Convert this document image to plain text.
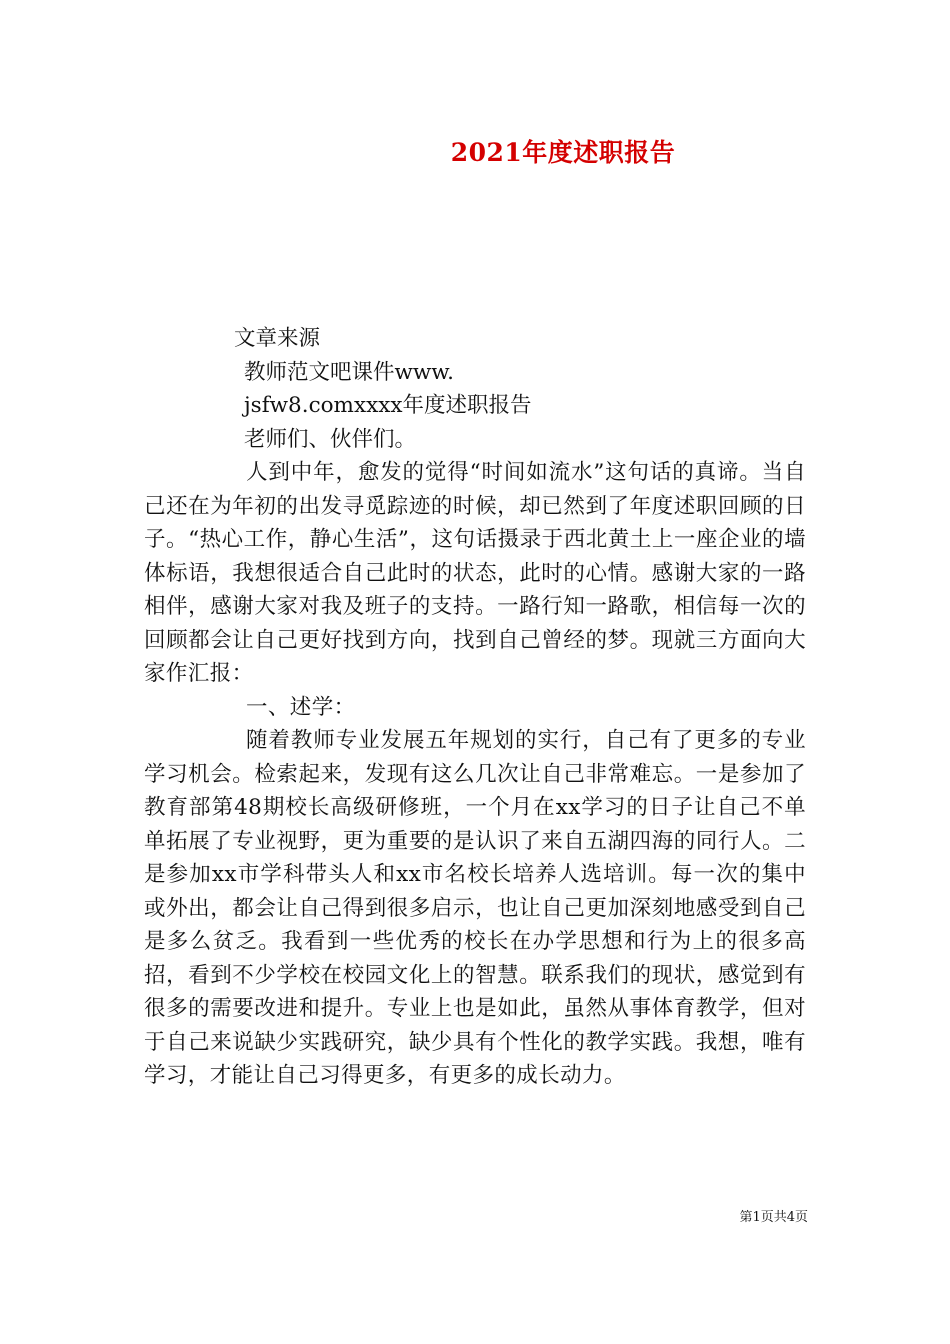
2021年度述职报告
文章来源
教师范文吧课件www.
jsfw8.comxxxx年度述职报告
老师们、伙伴们。

人到中年，愈发的觉得“时间如流水”这句话的真谛。当自己还在为年初的出发寻觅踪迹的时候，却已然到了年度述职回顾的日子。“热心工作，静心生活”，这句话摄录于西北黄土上一座企业的墙体标语，我想很适合自己此时的状态，此时的心情。感谢大家的一路相伴，感谢大家对我及班子的支持。一路行知一路歌，相信每一次的回顾都会让自己更好找到方向，找到自己曾经的梦。现就三方面向大家作汇报：

一、述学：

随着教师专业发展五年规划的实行，自己有了更多的专业学习机会。检索起来，发现有这么几次让自己非常难忘。一是参加了教育部第48期校长高级研修班，一个月在xx学习的日子让自己不单单拓展了专业视野，更为重要的是认识了来自五湖四海的同行人。二是参加xx市学科带头人和xx市名校长培养人选培训。每一次的集中或外出，都会让自己得到很多启示，也让自己更加深刻地感受到自己是多么贫乏。我看到一些优秀的校长在办学思想和行为上的很多高招，看到不少学校在校园文化上的智慧。联系我们的现状，感觉到有很多的需要改进和提升。专业上也是如此，虽然从事体育教学，但对于自己来说缺少实践研究，缺少具有个性化的教学实践。我想，唯有学习，才能让自己习得更多，有更多的成长动力。

第1页共4页
